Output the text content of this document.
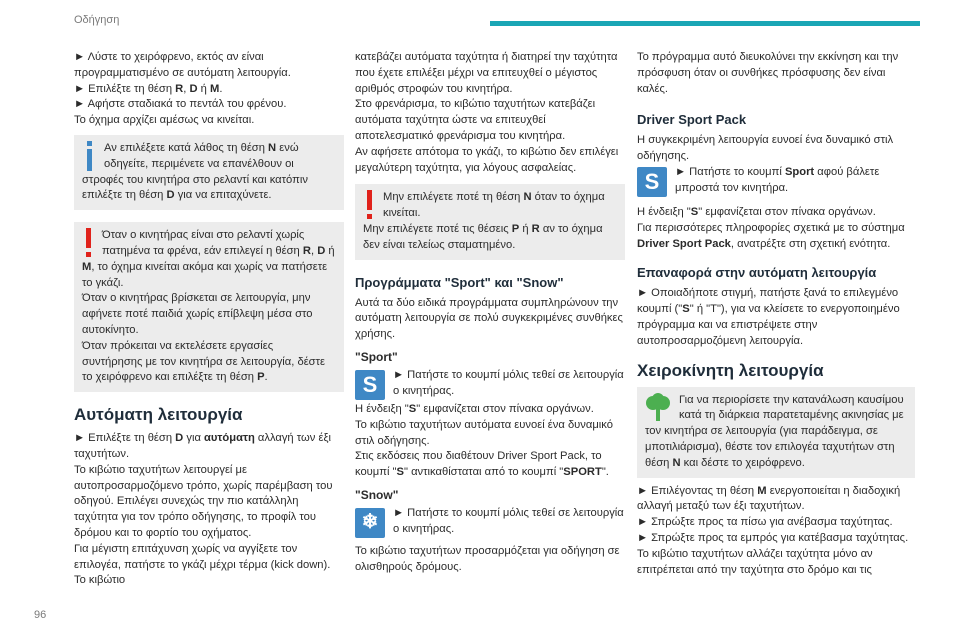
Οδήγηση

► Λύστε το χειρόφρενο, εκτός αν είναι προγραμματισμένο σε αυτόματη λειτουργία.

► Επιλέξτε τη θέση R, D ή M.

► Αφήστε σταδιακά το πεντάλ του φρένου.

Το όχημα αρχίζει αμέσως να κινείται.

Αν επιλέξετε κατά λάθος τη θέση N ενώ οδηγείτε, περιμένετε να επανέλθουν οι στροφές του κινητήρα στο ρελαντί και κατόπιν επιλέξτε τη θέση D για να επιταχύνετε.

Όταν ο κινητήρας είναι στο ρελαντί χωρίς πατημένα τα φρένα, εάν επιλεγεί η θέση R, D ή M, το όχημα κινείται ακόμα και χωρίς να πατήσετε το γκάζι.

Όταν ο κινητήρας βρίσκεται σε λειτουργία, μην αφήνετε ποτέ παιδιά χωρίς επίβλεψη μέσα στο αυτοκίνητο.

Όταν πρόκειται να εκτελέσετε εργασίες συντήρησης με τον κινητήρα σε λειτουργία, δέστε το χειρόφρενο και επιλέξτε τη θέση P.

Αυτόματη λειτουργία

► Επιλέξτε τη θέση D για αυτόματη αλλαγή των έξι ταχυτήτων.

Το κιβώτιο ταχυτήτων λειτουργεί με αυτοπροσαρμοζόμενο τρόπο, χωρίς παρέμβαση του οδηγού. Επιλέγει συνεχώς την πιο κατάλληλη ταχύτητα για τον τρόπο οδήγησης, το προφίλ του δρόμου και το φορτίο του οχήματος.

Για μέγιστη επιτάχυνση χωρίς να αγγίξετε τον επιλογέα, πατήστε το γκάζι μέχρι τέρμα (kick down). Το κιβώτιο

κατεβάζει αυτόματα ταχύτητα ή διατηρεί την ταχύτητα που έχετε επιλέξει μέχρι να επιτευχθεί ο μέγιστος αριθμός στροφών του κινητήρα.

Στο φρενάρισμα, το κιβώτιο ταχυτήτων κατεβάζει αυτόματα ταχύτητα ώστε να επιτευχθεί αποτελεσματικό φρενάρισμα του κινητήρα.

Αν αφήσετε απότομα το γκάζι, το κιβώτιο δεν επιλέγει μεγαλύτερη ταχύτητα, για λόγους ασφαλείας.

Μην επιλέγετε ποτέ τη θέση N όταν το όχημα κινείται.

Μην επιλέγετε ποτέ τις θέσεις P ή R αν το όχημα δεν είναι τελείως σταματημένο.

Προγράμματα "Sport" και "Snow"

Αυτά τα δύο ειδικά προγράμματα συμπληρώνουν την αυτόματη λειτουργία σε πολύ συγκεκριμένες συνθήκες χρήσης.

"Sport"
S	► Πατήστε το κουμπί μόλις τεθεί σε λειτουργία ο κινητήρας.

Η ένδειξη "S" εμφανίζεται στον πίνακα οργάνων.

Το κιβώτιο ταχυτήτων αυτόματα ευνοεί ένα δυναμικό στιλ οδήγησης.

Στις εκδόσεις που διαθέτουν Driver Sport Pack, το κουμπί "S" αντικαθίσταται από το κουμπί "SPORT".

"Snow"
❄	► Πατήστε το κουμπί μόλις τεθεί σε λειτουργία ο κινητήρας.

Το κιβώτιο ταχυτήτων προσαρμόζεται για οδήγηση σε ολισθηρούς δρόμους.

Το πρόγραμμα αυτό διευκολύνει την εκκίνηση και την πρόσφυση όταν οι συνθήκες πρόσφυσης δεν είναι καλές.

Driver Sport Pack

Η συγκεκριμένη λειτουργία ευνοεί ένα δυναμικό στιλ οδήγησης.

S	► Πατήστε το κουμπί Sport αφού βάλετε μπροστά τον κινητήρα.

Η ένδειξη "S" εμφανίζεται στον πίνακα οργάνων.

Για περισσότερες πληροφορίες σχετικά με το σύστημα Driver Sport Pack, ανατρέξτε στη σχετική ενότητα.

Επαναφορά στην αυτόματη λειτουργία

► Οποιαδήποτε στιγμή, πατήστε ξανά το επιλεγμένο κουμπί ("S" ή "T"), για να κλείσετε το ενεργοποιημένο πρόγραμμα και να επιστρέψετε στην αυτοπροσαρμοζόμενη λειτουργία.

Χειροκίνητη λειτουργία

Για να περιορίσετε την κατανάλωση καυσίμου κατά τη διάρκεια παρατεταμένης ακινησίας με τον κινητήρα σε λειτουργία (για παράδειγμα, σε μποτιλιάρισμα), θέστε τον επιλογέα ταχυτήτων στη θέση N και δέστε το χειρόφρενο.

► Επιλέγοντας τη θέση M ενεργοποιείται η διαδοχική αλλαγή μεταξύ των έξι ταχυτήτων.

► Σπρώξτε προς τα πίσω για ανέβασμα ταχύτητας.

► Σπρώξτε προς τα εμπρός για κατέβασμα ταχύτητας.

Το κιβώτιο ταχυτήτων αλλάζει ταχύτητα μόνο αν επιτρέπεται από την ταχύτητα στο δρόμο και τις

96
